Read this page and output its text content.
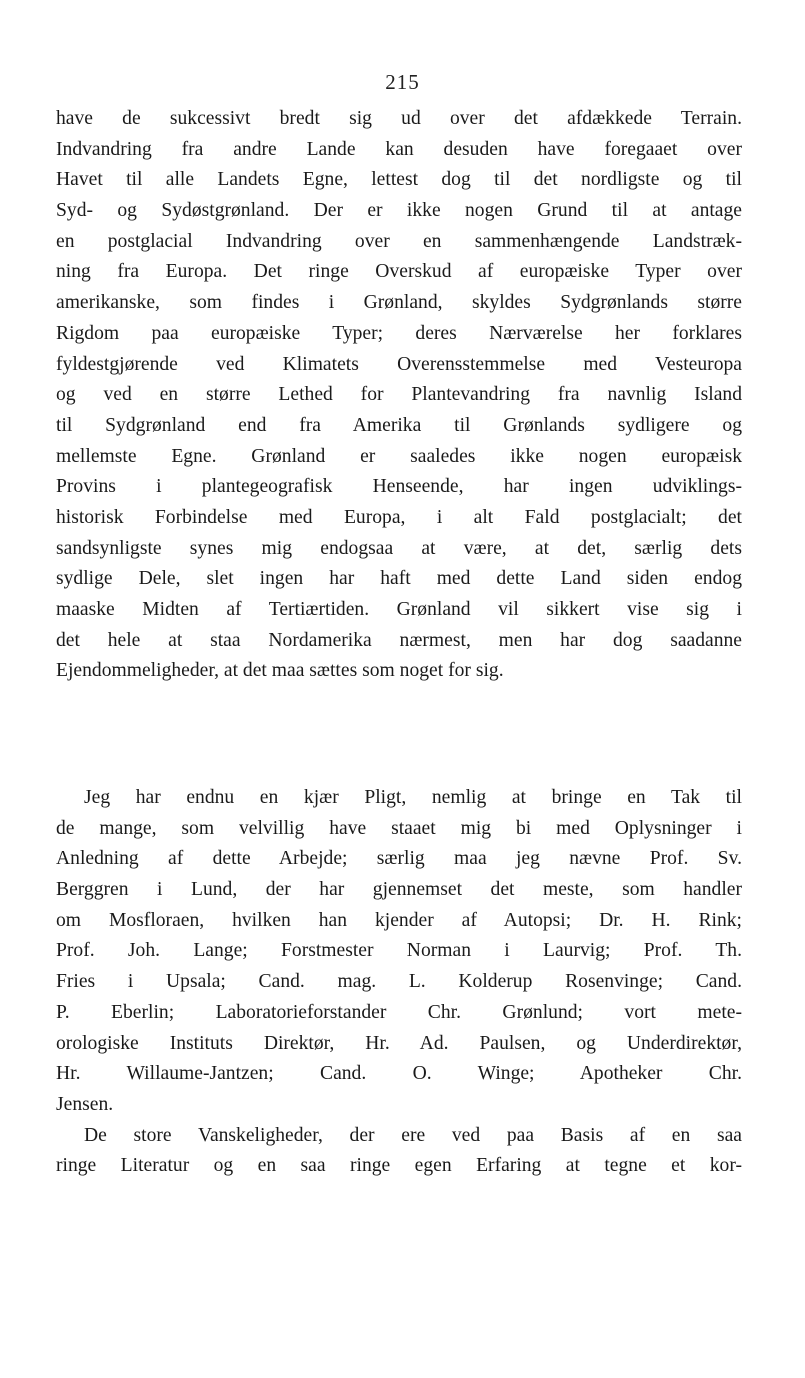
215
have de sukcessivt bredt sig ud over det afdækkede Terrain.
Indvandring fra andre Lande kan desuden have foregaaet over
Havet til alle Landets Egne, lettest dog til det nordligste og til
Syd- og Sydøstgrønland. Der er ikke nogen Grund til at antage
en postglacial Indvandring over en sammenhængende Landstræk-
ning fra Europa. Det ringe Overskud af europæiske Typer over
amerikanske, som findes i Grønland, skyldes Sydgrønlands større
Rigdom paa europæiske Typer; deres Nærværelse her forklares
fyldestgjørende ved Klimatets Overensstemmelse med Vesteuropa
og ved en større Lethed for Plantevandring fra navnlig Island
til Sydgrønland end fra Amerika til Grønlands sydligere og
mellemste Egne. Grønland er saaledes ikke nogen europæisk
Provins i plantegeografisk Henseende, har ingen udviklings-
historisk Forbindelse med Europa, i alt Fald postglacialt; det
sandsynligste synes mig endogsaa at være, at det, særlig dets
sydlige Dele, slet ingen har haft med dette Land siden endog
maaske Midten af Tertiærtiden. Grønland vil sikkert vise sig i
det hele at staa Nordamerika nærmest, men har dog saadanne
Ejendommeligheder, at det maa sættes som noget for sig.
Jeg har endnu en kjær Pligt, nemlig at bringe en Tak til
de mange, som velvillig have staaet mig bi med Oplysninger i
Anledning af dette Arbejde; særlig maa jeg nævne Prof. Sv.
Berggren i Lund, der har gjennemset det meste, som handler
om Mosfloraen, hvilken han kjender af Autopsi; Dr. H. Rink;
Prof. Joh. Lange; Forstmester Norman i Laurvig; Prof. Th.
Fries i Upsala; Cand. mag. L. Kolderup Rosenvinge; Cand.
P. Eberlin; Laboratorieforstander Chr. Grønlund; vort mete-
orologiske Instituts Direktør, Hr. Ad. Paulsen, og Underdirektør,
Hr. Willaume-Jantzen; Cand. O. Winge; Apotheker Chr.
Jensen.
De store Vanskeligheder, der ere ved paa Basis af en saa
ringe Literatur og en saa ringe egen Erfaring at tegne et kor-
